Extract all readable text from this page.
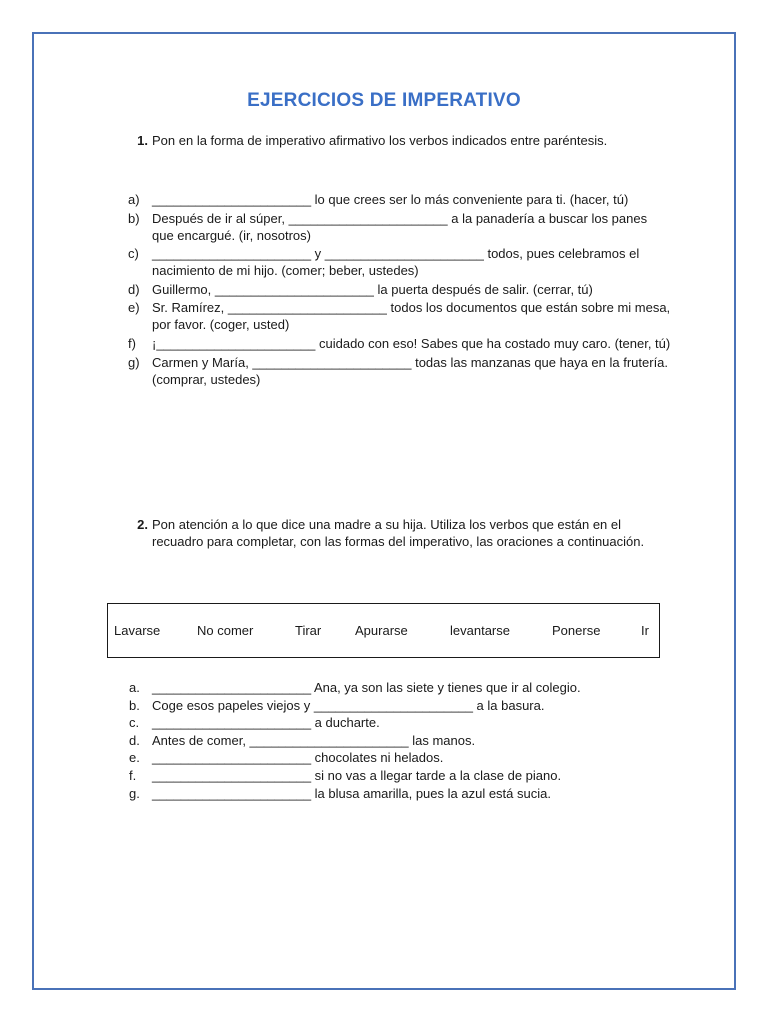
EJERCICIOS DE IMPERATIVO
1. Pon en la forma de imperativo afirmativo los verbos indicados entre paréntesis.
a) ______________________ lo que crees ser lo más conveniente para ti. (hacer, tú)
b) Después de ir al súper, ______________________ a la panadería a buscar los panes que encargué. (ir, nosotros)
c)	______________________ y ______________________ todos, pues celebramos el nacimiento de mi hijo. (comer; beber, ustedes)
d) Guillermo, ______________________ la puerta después de salir. (cerrar, tú)
e) Sr. Ramírez, ______________________ todos los documentos que están sobre mi mesa, por favor. (coger, usted)
f)	¡______________________ cuidado con eso! Sabes que ha costado muy caro. (tener, tú)
g) Carmen y María, ______________________ todas las manzanas que haya en la frutería. (comprar, ustedes)
2. Pon atención a lo que dice una madre a su hija. Utiliza los verbos que están en el recuadro para completar, con las formas del imperativo, las oraciones a continuación.
Lavarse	No comer	Tirar	Apurarse	levantarse	Ponerse	Ir
a. ______________________ Ana, ya son las siete y tienes que ir al colegio.
b. Coge esos papeles viejos y ______________________ a la basura.
c. ______________________ a ducharte.
d. Antes de comer, ______________________ las manos.
e. ______________________ chocolates ni helados.
f.	______________________ si no vas a llegar tarde a la clase de piano.
g. ______________________ la blusa amarilla, pues la azul está sucia.
